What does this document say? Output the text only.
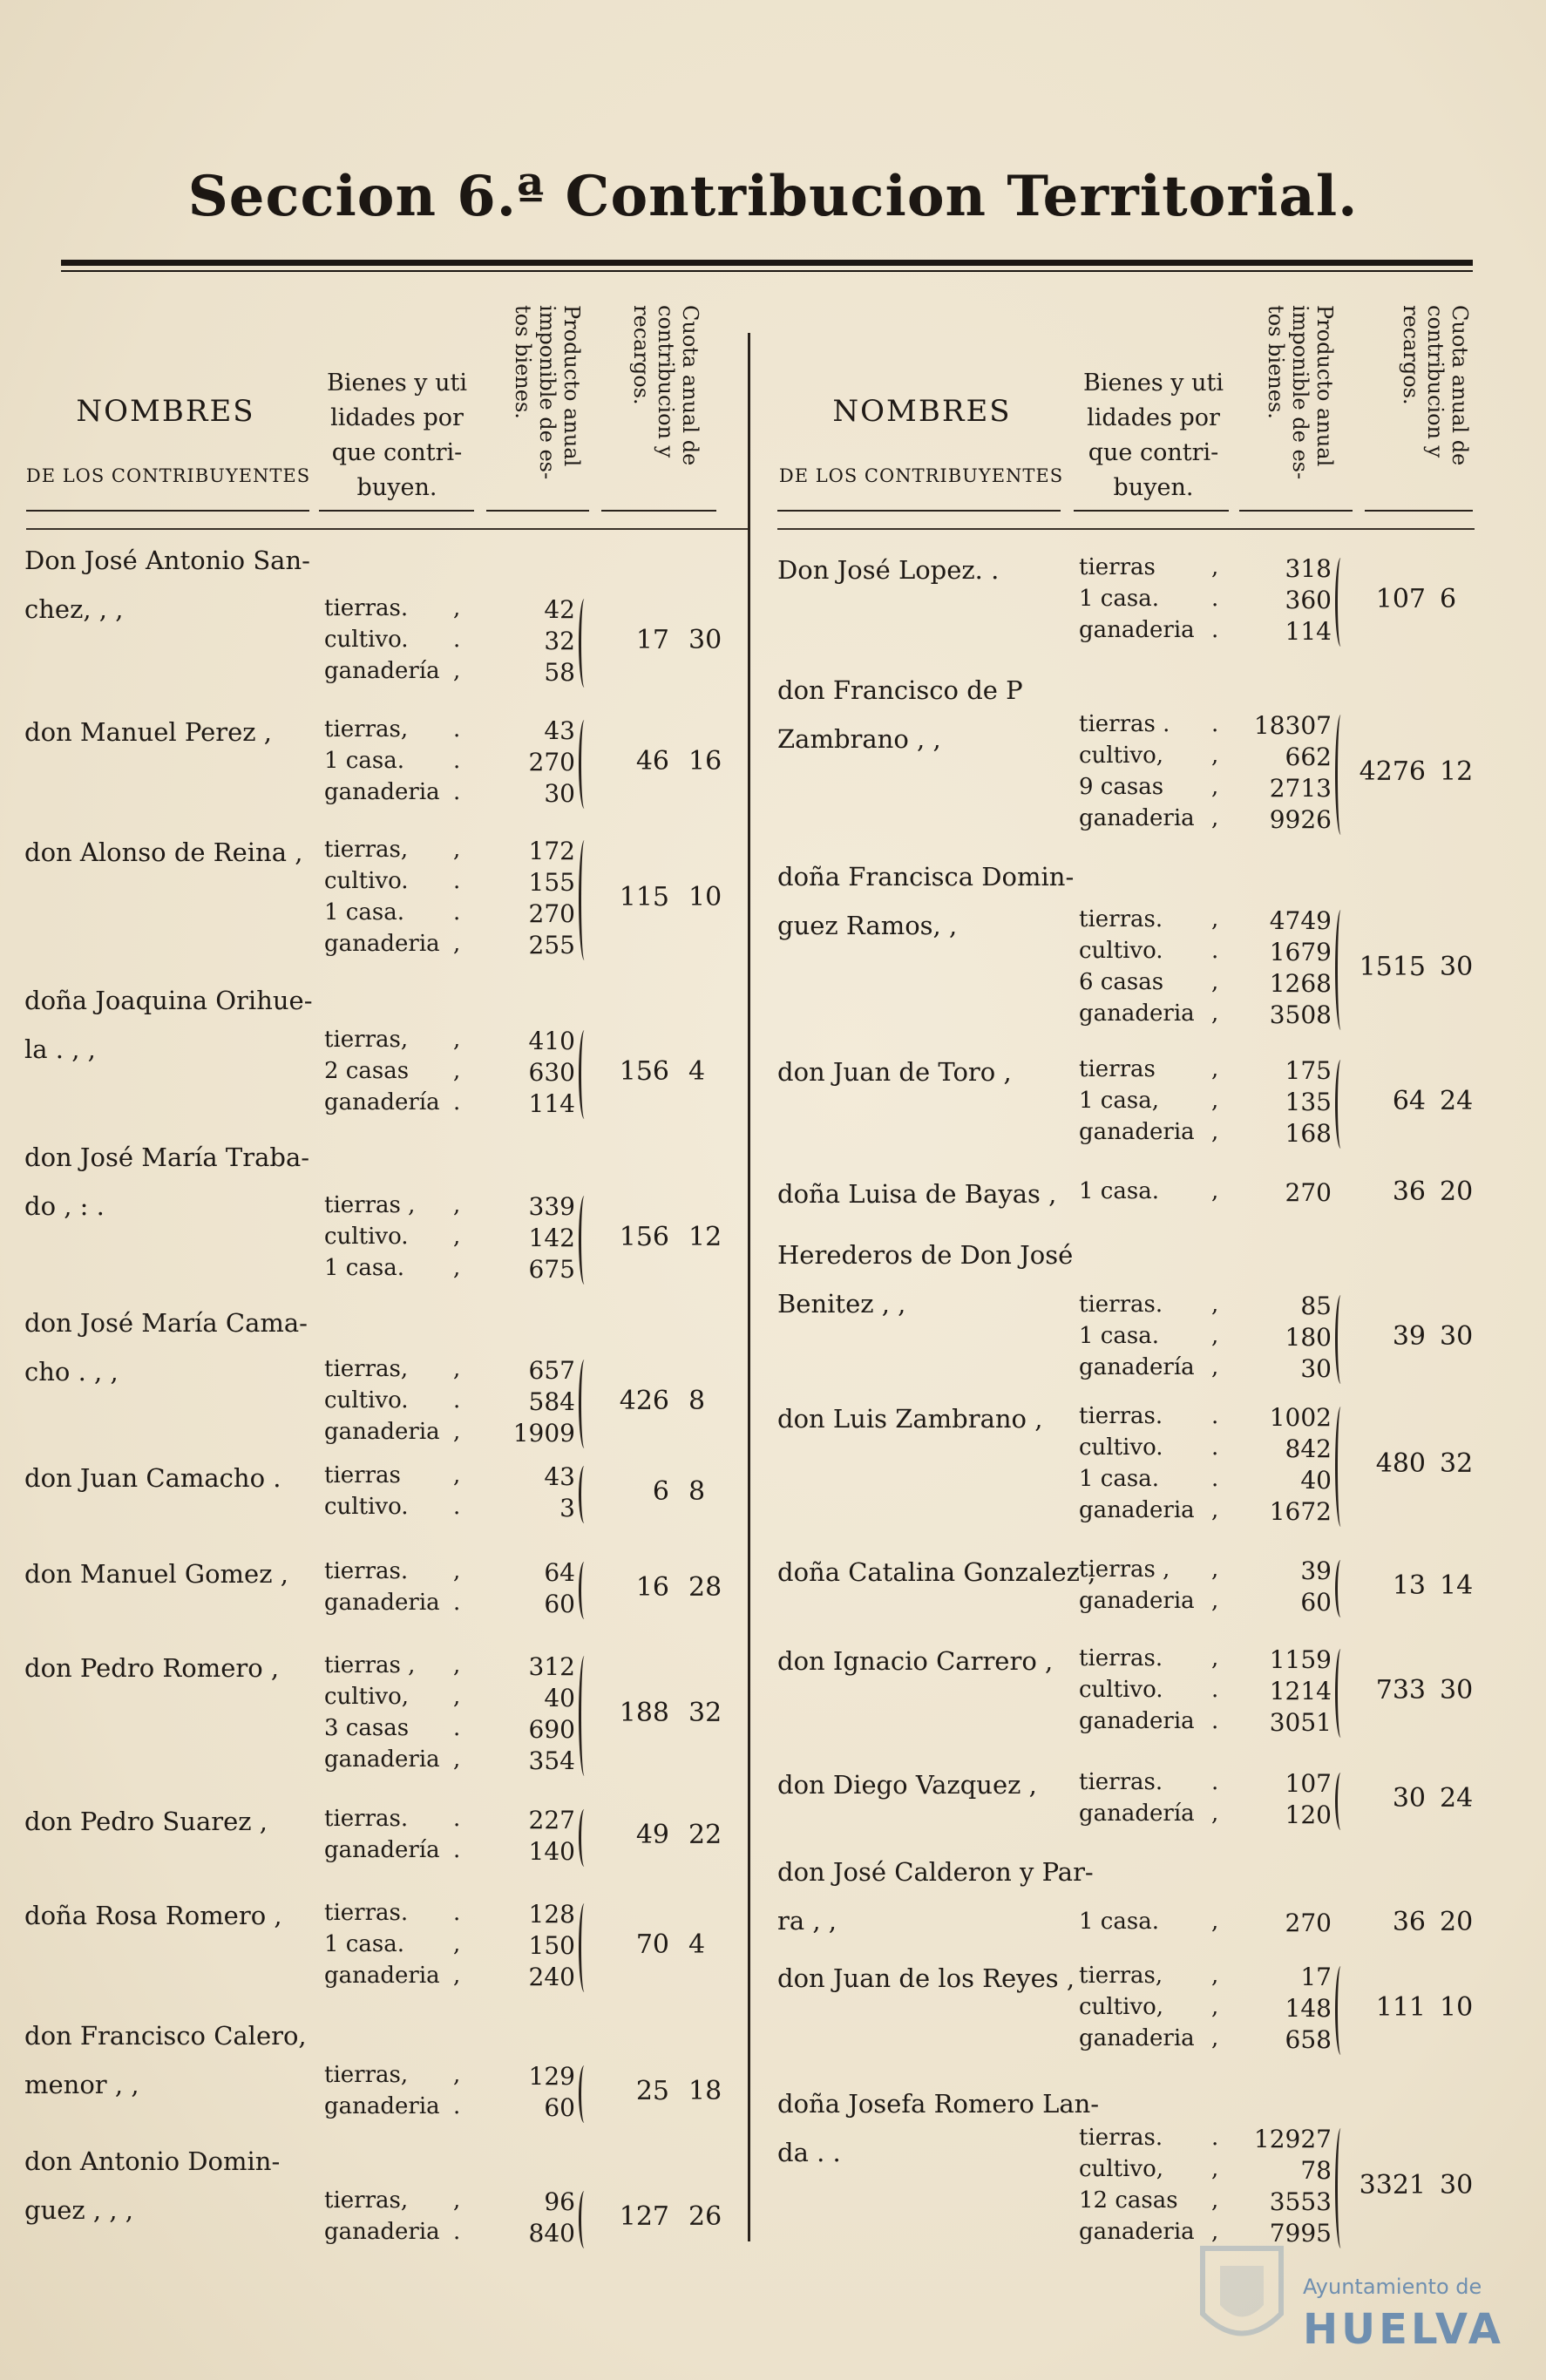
Seccion 6.ª Contribucion Territorial.
NOMBRES
DE LOS CONTRIBUYENTES
Bienes y uti lidades por que contri- buyen.
Producto anual imponible de es- tos bienes.	Cuota anual de contribucion y recargos.
NOMBRES
DE LOS CONTRIBUYENTES
Bienes y uti lidades por que contri- buyen.
Producto anual imponible de es- tos bienes.	Cuota anual de contribucion y recargos.
Don José Antonio San-
chez, , ,	tierras. ,	42
cultivo. .	32
ganadería ,	58
17 30
don Manuel Perez , tierras, .	43
1 casa. .	270
ganaderia .	30
46 16
don Alonso de Reina , tierras, ,	172
cultivo. .	155
1 casa. .	270
ganaderia ,	255
115 10
doña Joaquina Orihue-
la . , ,	tierras, ,	410
2 casas ,	630
ganadería .	114
156 4
don José María Traba-
do , : .	tierras , ,	339
cultivo. ,	142
1 casa. ,	675
156 12
don José María Cama-
cho . , ,	tierras, ,	657
cultivo. .	584
ganaderia ,	1909
426 8
don Juan Camacho . tierras ,	43
cultivo. .	3
6 8
don Manuel Gomez , tierras. ,	64
ganaderia .	60
16 28
don Pedro Romero , tierras , ,	312
cultivo, ,	40
3 casas .	690
ganaderia ,	354
188 32
don Pedro Suarez ,	tierras. .	227
ganadería .	140
49 22
doña Rosa Romero , tierras. .	128
1 casa. ,	150
ganaderia ,	240
70 4
don Francisco Calero,
menor , ,	tierras, ,	129
ganaderia .	60
25 18
don Antonio Domin-
guez , , ,	tierras, ,	96
ganaderia .	840
127 26
Don José Lopez. .	tierras ,	318
1 casa. .	360
ganaderia .	114
107 6
don Francisco de P
Zambrano , ,	tierras . .	18307
cultivo, ,	662
9 casas ,	2713
ganaderia ,	9926
4276 12
doña Francisca Domin-
guez Ramos, ,	tierras. ,	4749
cultivo. .	1679
6 casas ,	1268
ganaderia ,	3508
1515 30
don Juan de Toro ,	tierras ,	175
1 casa, ,	135
ganaderia ,	168
64 24
doña Luisa de Bayas , 1 casa. ,	270	36 20
Herederos de Don José
Benitez , ,	tierras. ,	85
1 casa. ,	180
ganadería ,	30
39 30
don Luis Zambrano , tierras. .	1002
cultivo. .	842
1 casa. .	40
ganaderia ,	1672
480 32
doña Catalina Gonzalez ,
tierras , ,	39
ganaderia ,	60
13 14
don Ignacio Carrero , tierras. ,	1159
cultivo. .	1214
ganaderia .	3051
733 30
don Diego Vazquez , tierras. .	107
ganadería ,	120
30 24
don José Calderon y Par-
ra , ,	1 casa. ,	270	36 20
don Juan de los Reyes , tierras, ,	17
cultivo, ,	148
ganaderia ,	658
111 10
doña Josefa Romero Lan-
da . .	tierras. .	12927
cultivo, ,	78
12 casas ,	3553
ganaderia ,	7995
3321 30
Ayuntamiento de
HUELVA
